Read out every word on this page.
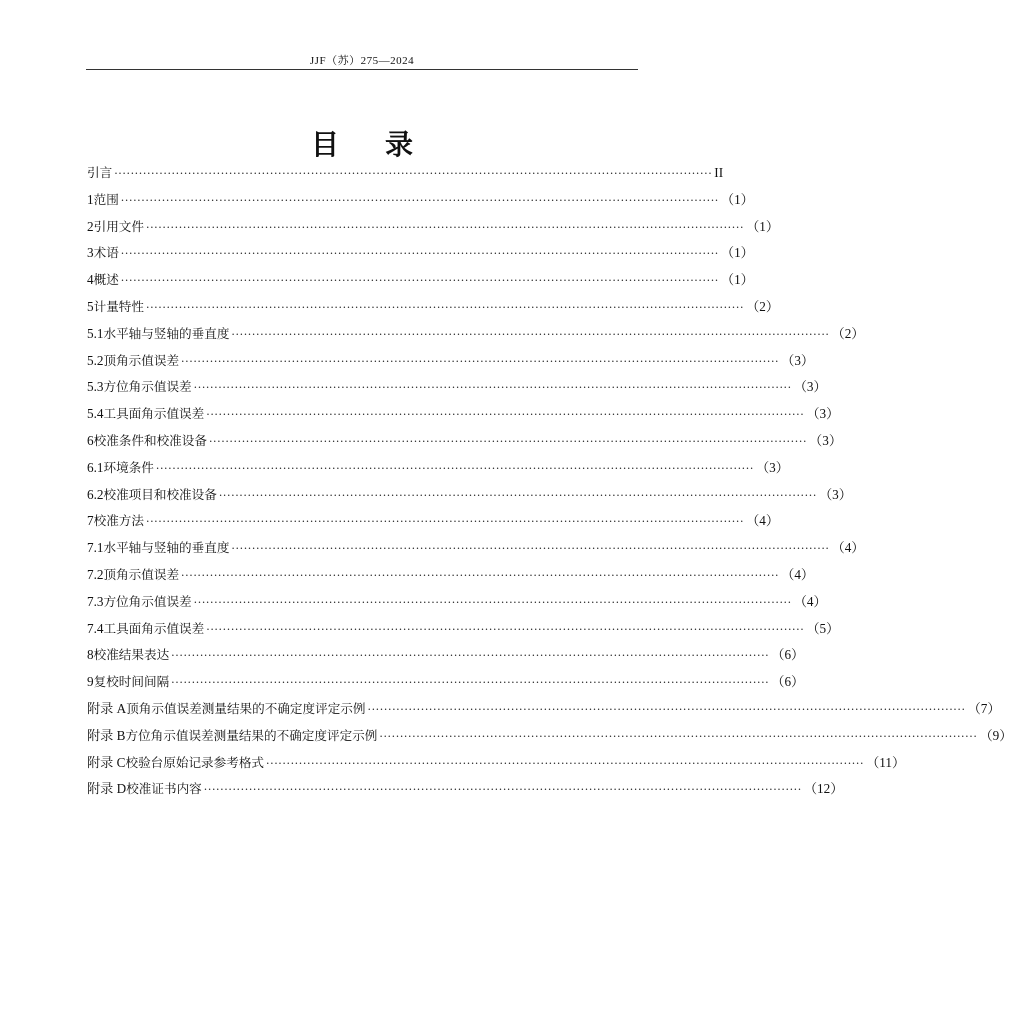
JJF（苏）275—2024
目录
引言 ·················································································································································· II
1 范围 ·················································································································································· （1）
2 引用文件 ·················································································································································· （1）
3 术语 ·················································································································································· （1）
4 概述 ·················································································································································· （1）
5 计量特性 ·················································································································································· （2）
5.1 水平轴与竖轴的垂直度 ·················································································································································· （2）
5.2 顶角示值误差 ·················································································································································· （3）
5.3 方位角示值误差 ·················································································································································· （3）
5.4 工具面角示值误差 ·················································································································································· （3）
6 校准条件和校准设备 ·················································································································································· （3）
6.1 环境条件 ·················································································································································· （3）
6.2 校准项目和校准设备 ·················································································································································· （3）
7 校准方法 ·················································································································································· （4）
7.1 水平轴与竖轴的垂直度 ·················································································································································· （4）
7.2 顶角示值误差 ·················································································································································· （4）
7.3 方位角示值误差 ·················································································································································· （4）
7.4 工具面角示值误差 ·················································································································································· （5）
8 校准结果表达 ·················································································································································· （6）
9 复校时间间隔 ·················································································································································· （6）
附录 A 顶角示值误差测量结果的不确定度评定示例 ·················································································································································· （7）
附录 B 方位角示值误差测量结果的不确定度评定示例 ·················································································································································· （9）
附录 C 校验台原始记录参考格式 ·················································································································································· （11）
附录 D 校准证书内容 ·················································································································································· （12）
